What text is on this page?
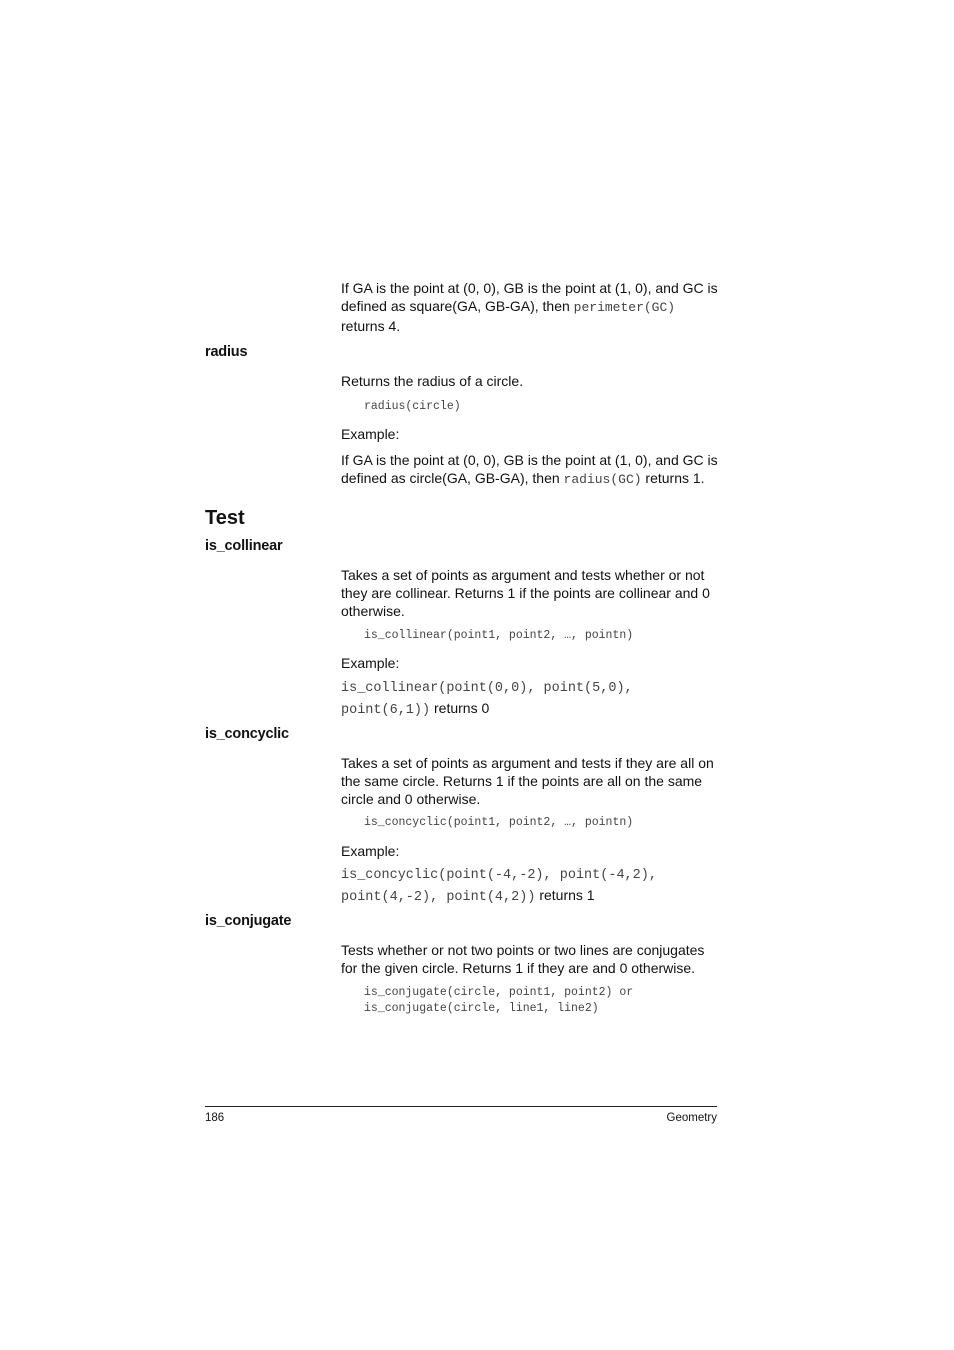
If GA is the point at (0, 0), GB is the point at (1, 0), and GC is defined as square(GA, GB-GA), then perimeter(GC) returns 4.
radius
Returns the radius of a circle.
radius(circle)
Example:
If GA is the point at (0, 0), GB is the point at (1, 0), and GC is defined as circle(GA, GB-GA), then radius(GC) returns 1.
Test
is_collinear
Takes a set of points as argument and tests whether or not they are collinear. Returns 1 if the points are collinear and 0 otherwise.
is_collinear(point1, point2, …, pointn)
Example:
is_collinear(point(0,0), point(5,0),
point(6,1)) returns 0
is_concyclic
Takes a set of points as argument and tests if they are all on the same circle. Returns 1 if the points are all on the same circle and 0 otherwise.
is_concyclic(point1, point2, …, pointn)
Example:
is_concyclic(point(-4,-2), point(-4,2),
point(4,-2), point(4,2)) returns 1
is_conjugate
Tests whether or not two points or two lines are conjugates for the given circle. Returns 1 if they are and 0 otherwise.
is_conjugate(circle, point1, point2) or
is_conjugate(circle, line1, line2)
186	Geometry
